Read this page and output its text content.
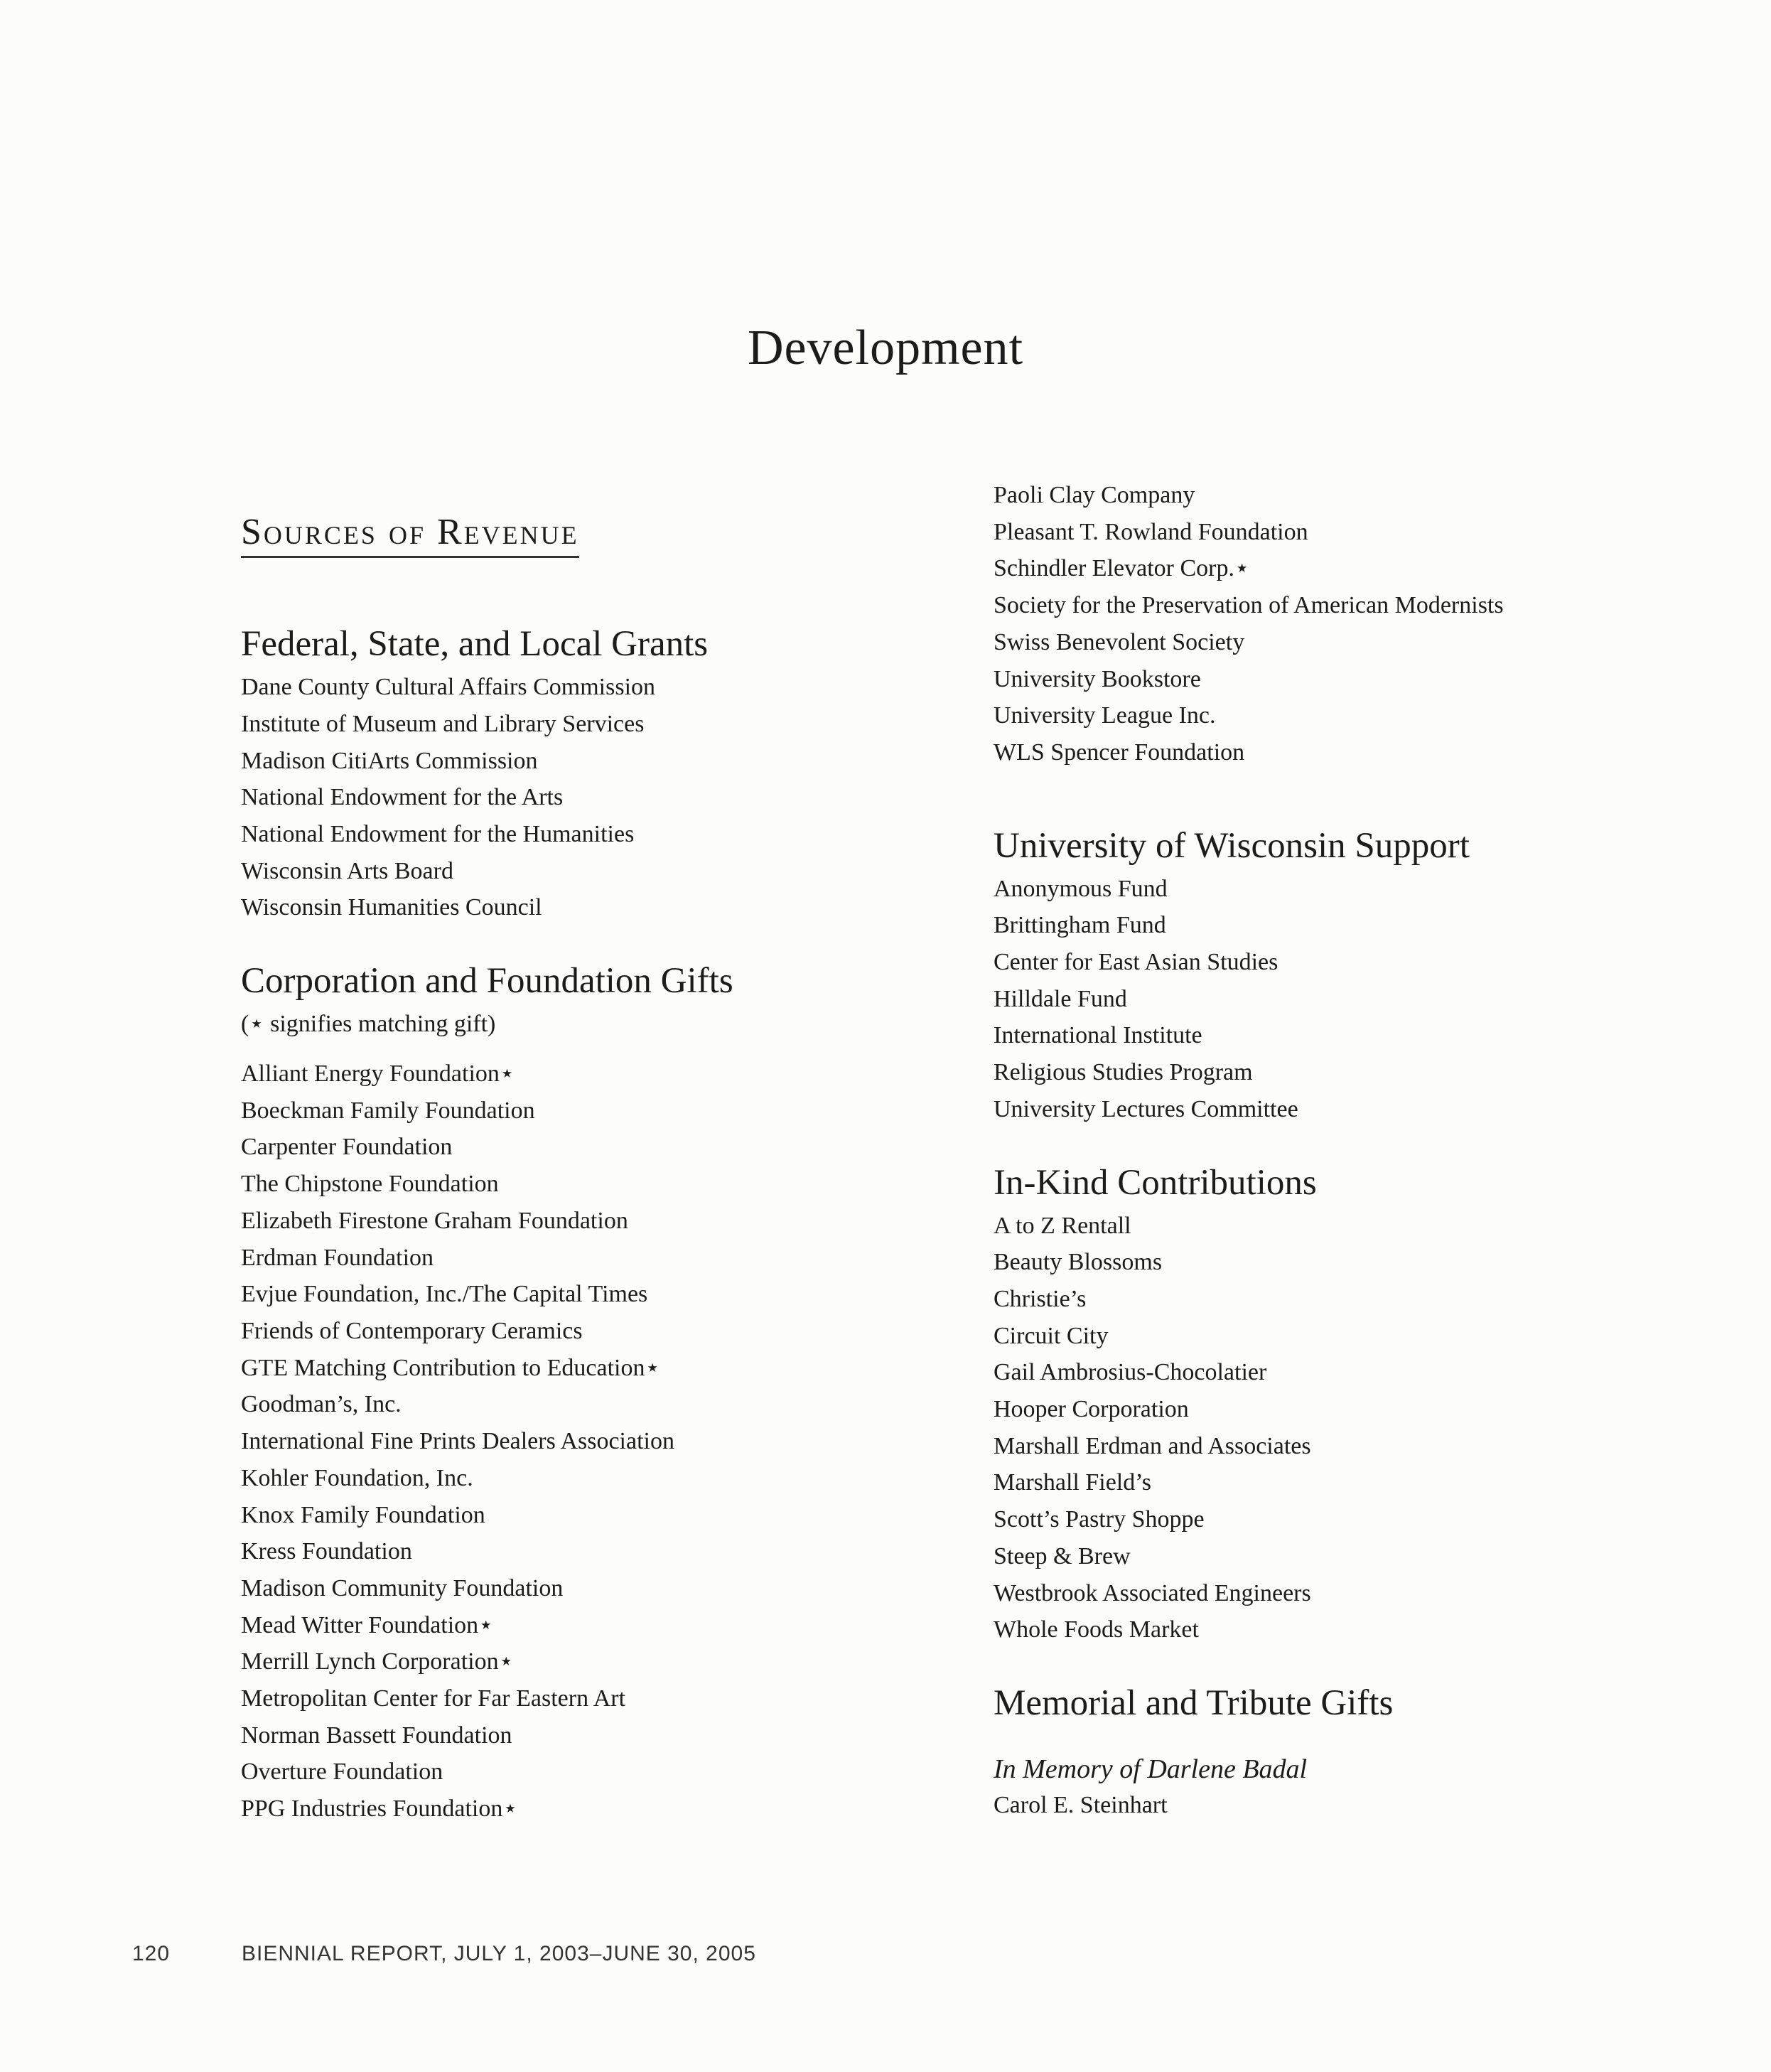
Development
Sources of Revenue
Federal, State, and Local Grants
Dane County Cultural Affairs Commission
Institute of Museum and Library Services
Madison CitiArts Commission
National Endowment for the Arts
National Endowment for the Humanities
Wisconsin Arts Board
Wisconsin Humanities Council
Corporation and Foundation Gifts
(⋆ signifies matching gift)
Alliant Energy Foundation⋆
Boeckman Family Foundation
Carpenter Foundation
The Chipstone Foundation
Elizabeth Firestone Graham Foundation
Erdman Foundation
Evjue Foundation, Inc./The Capital Times
Friends of Contemporary Ceramics
GTE Matching Contribution to Education⋆
Goodman’s, Inc.
International Fine Prints Dealers Association
Kohler Foundation, Inc.
Knox Family Foundation
Kress Foundation
Madison Community Foundation
Mead Witter Foundation⋆
Merrill Lynch Corporation⋆
Metropolitan Center for Far Eastern Art
Norman Bassett Foundation
Overture Foundation
PPG Industries Foundation⋆
Paoli Clay Company
Pleasant T. Rowland Foundation
Schindler Elevator Corp.⋆
Society for the Preservation of American Modernists
Swiss Benevolent Society
University Bookstore
University League Inc.
WLS Spencer Foundation
University of Wisconsin Support
Anonymous Fund
Brittingham Fund
Center for East Asian Studies
Hilldale Fund
International Institute
Religious Studies Program
University Lectures Committee
In-Kind Contributions
A to Z Rentall
Beauty Blossoms
Christie’s
Circuit City
Gail Ambrosius-Chocolatier
Hooper Corporation
Marshall Erdman and Associates
Marshall Field’s
Scott’s Pastry Shoppe
Steep & Brew
Westbrook Associated Engineers
Whole Foods Market
Memorial and Tribute Gifts
In Memory of Darlene Badal
Carol E. Steinhart
120	BIENNIAL REPORT, JULY 1, 2003–JUNE 30, 2005
